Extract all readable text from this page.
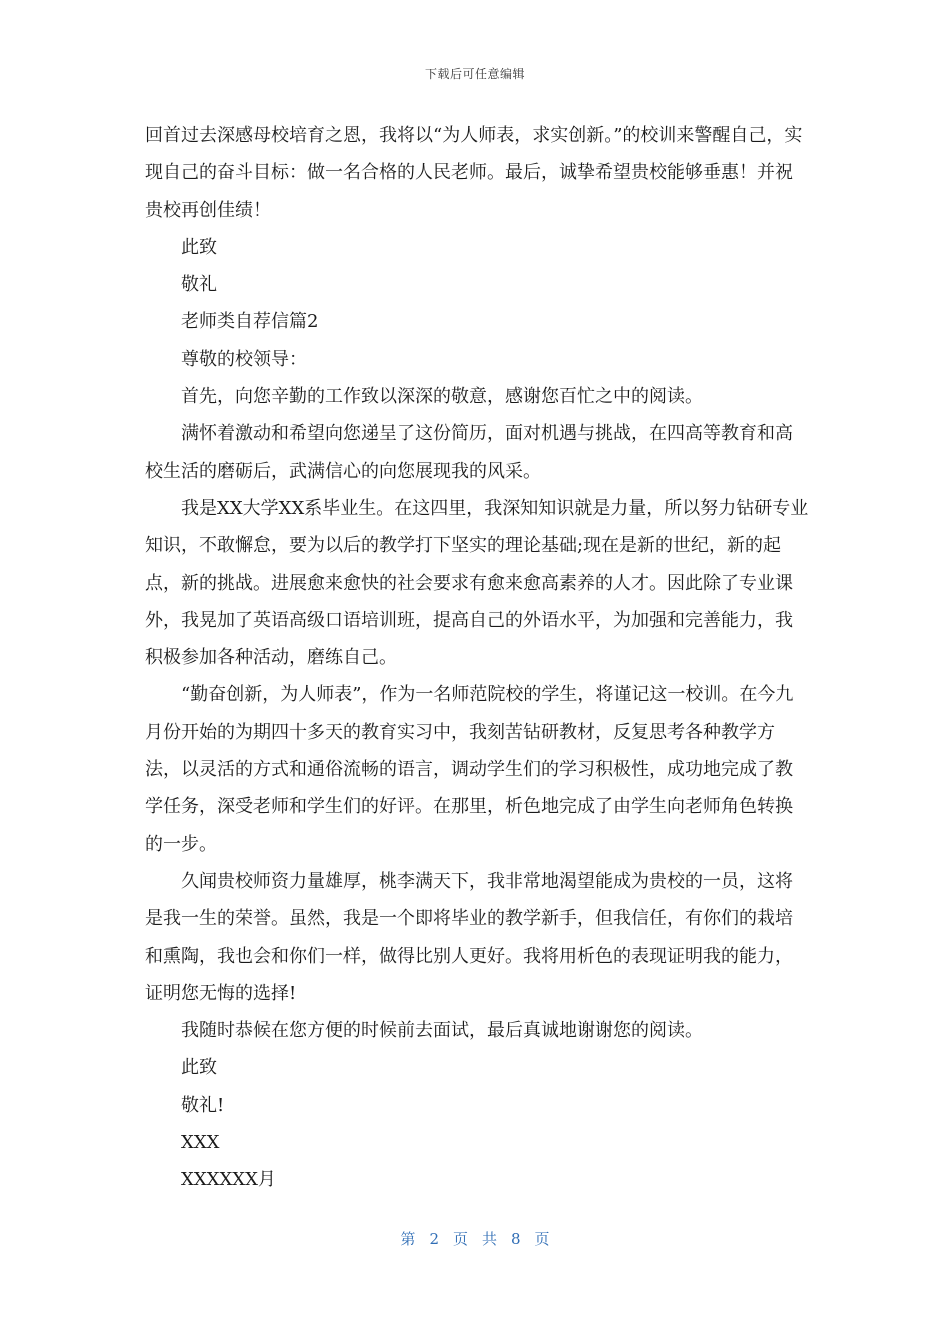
下载后可任意编辑

回首过去深感母校培育之恩，我将以“为人师表，求实创新。”的校训来警醒自己，实现自己的奋斗目标：做一名合格的人民老师。最后，诚挚希望贵校能够垂惠！并祝贵校再创佳绩！

此致

敬礼

老师类自荐信篇2

尊敬的校领导：

首先，向您辛勤的工作致以深深的敬意，感谢您百忙之中的阅读。

满怀着激动和希望向您递呈了这份简历，面对机遇与挑战，在四高等教育和高校生活的磨砺后，武满信心的向您展现我的风采。

我是XX大学XX系毕业生。在这四里，我深知知识就是力量，所以努力钻研专业知识，不敢懈怠，要为以后的教学打下坚实的理论基础;现在是新的世纪，新的起点，新的挑战。进展愈来愈快的社会要求有愈来愈高素养的人才。因此除了专业课外，我晃加了英语高级口语培训班，提高自己的外语水平，为加强和完善能力，我积极参加各种活动，磨练自己。

“勤奋创新，为人师表”，作为一名师范院校的学生，将谨记这一校训。在今九月份开始的为期四十多天的教育实习中，我刻苦钻研教材，反复思考各种教学方法，以灵活的方式和通俗流畅的语言，调动学生们的学习积极性，成功地完成了教学任务，深受老师和学生们的好评。在那里，析色地完成了由学生向老师角色转换的一步。

久闻贵校师资力量雄厚，桃李满天下，我非常地渴望能成为贵校的一员，这将是我一生的荣誉。虽然，我是一个即将毕业的教学新手，但我信任，有你们的栽培和熏陶，我也会和你们一样，做得比别人更好。我将用析色的表现证明我的能力，证明您无悔的选择!

我随时恭候在您方便的时候前去面试，最后真诚地谢谢您的阅读。

此致

敬礼!

XXX

XXXXXX月

第 2 页共8 页
